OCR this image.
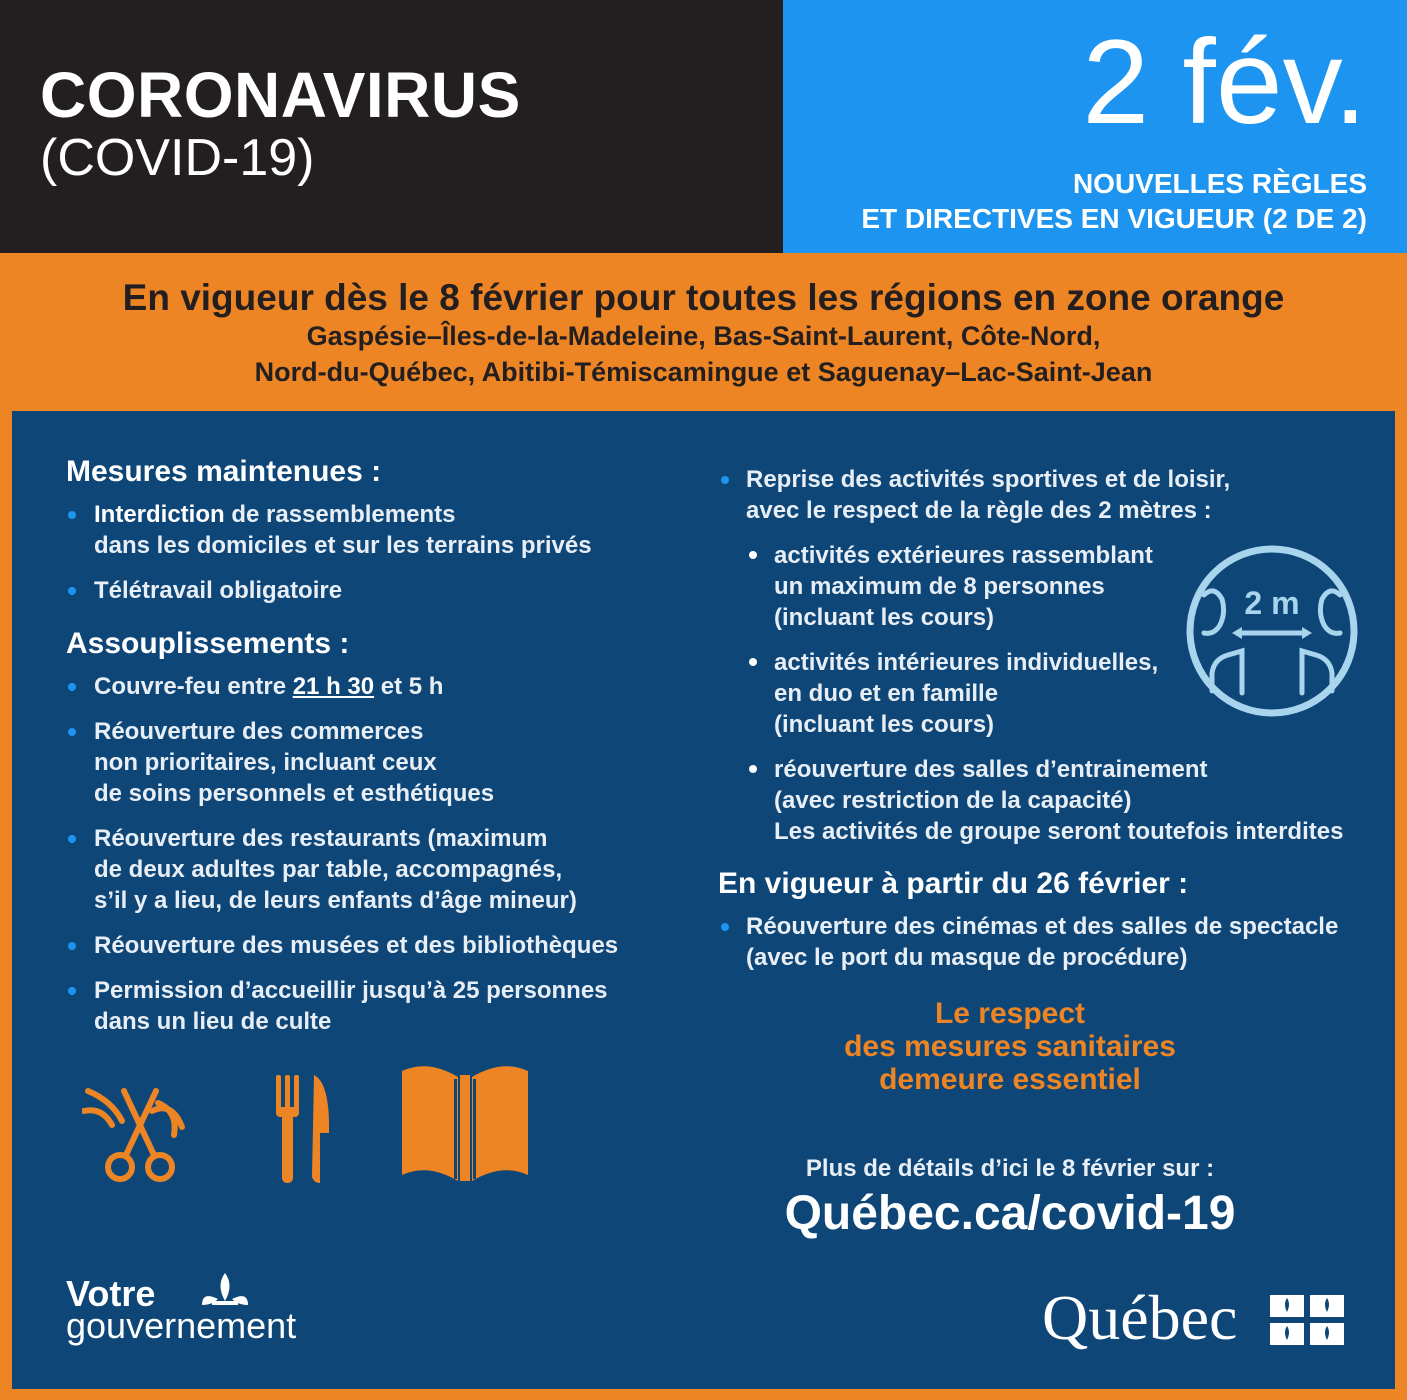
CORONAVIRUS
(COVID-19)
2 fév.
NOUVELLES RÈGLES
ET DIRECTIVES EN VIGUEUR (2 DE 2)
En vigueur dès le 8 février pour toutes les régions en zone orange
Gaspésie–Îles-de-la-Madeleine, Bas-Saint-Laurent, Côte-Nord,
Nord-du-Québec, Abitibi-Témiscamingue et Saguenay–Lac-Saint-Jean
Mesures maintenues :
Interdiction de rassemblements
dans les domiciles et sur les terrains privés
Télétravail obligatoire
Assouplissements :
Couvre-feu entre 21 h 30 et 5 h
Réouverture des commerces
non prioritaires, incluant ceux
de soins personnels et esthétiques
Réouverture des restaurants (maximum
de deux adultes par table, accompagnés,
s’il y a lieu, de leurs enfants d’âge mineur)
Réouverture des musées et des bibliothèques
Permission d’accueillir jusqu’à 25 personnes
dans un lieu de culte
Reprise des activités sportives et de loisir,
avec le respect de la règle des 2 mètres :
activités extérieures rassemblant
un maximum de 8 personnes
(incluant les cours)
activités intérieures individuelles,
en duo et en famille
(incluant les cours)
réouverture des salles d’entrainement
(avec restriction de la capacité)
Les activités de groupe seront toutefois interdites
2 m
En vigueur à partir du 26 février :
Réouverture des cinémas et des salles de spectacle
(avec le port du masque de procédure)
Le respect
des mesures sanitaires
demeure essentiel
Plus de détails d’ici le 8 février sur :
Québec.ca/covid-19
Votre
gouvernement	Québec
